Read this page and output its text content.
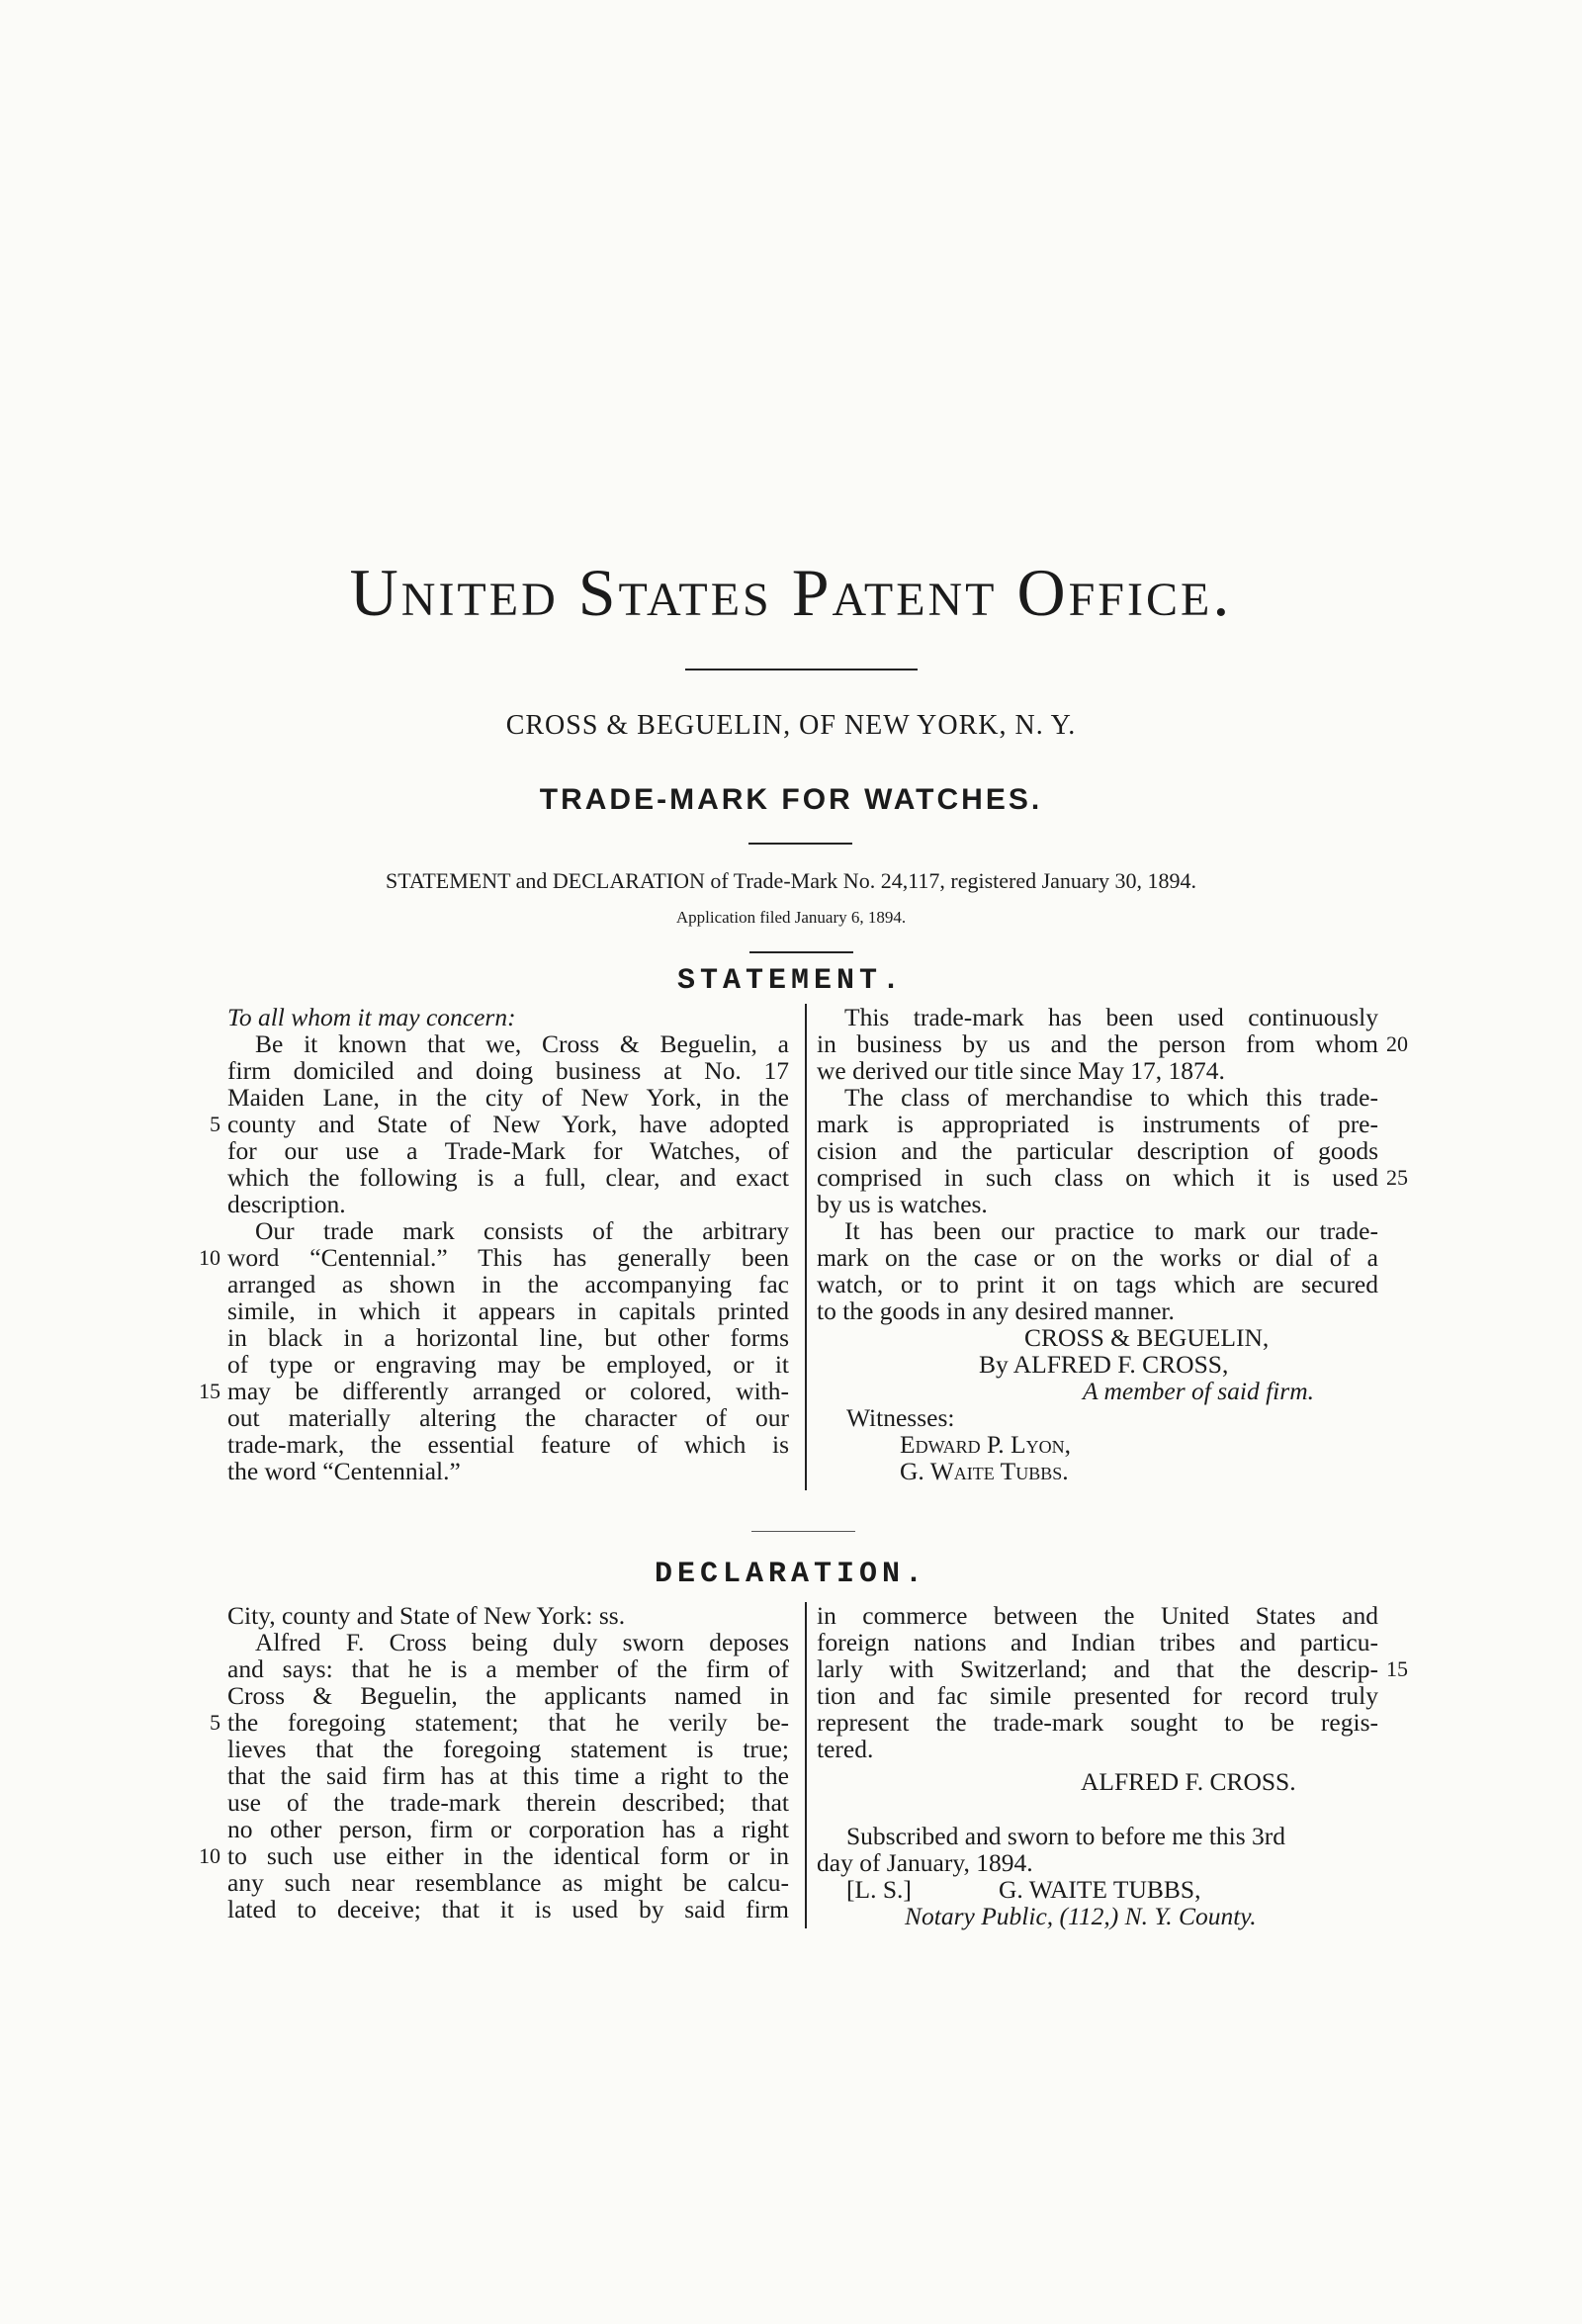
United States Patent Office.
CROSS & BEGUELIN, OF NEW YORK, N. Y.
TRADE-MARK FOR WATCHES.
STATEMENT and DECLARATION of Trade-Mark No. 24,117, registered January 30, 1894.
Application filed January 6, 1894.
STATEMENT.

To all whom it may concern:

Be it known that we, Cross & Beguelin, a

firm domiciled and doing business at No. 17

Maiden Lane, in the city of New York, in the

county and State of New York, have adopted

for our use a Trade-Mark for Watches, of

which the following is a full, clear, and exact

description.

Our trade mark consists of the arbitrary

word “Centennial.” This has generally been

arranged as shown in the accompanying fac

simile, in which it appears in capitals printed

in black in a horizontal line, but other forms

of type or engraving may be employed, or it

may be differently arranged or colored, with-

out materially altering the character of our

trade-mark, the essential feature of which is

the word “Centennial.”

This trade-mark has been used continuously

in business by us and the person from whom

we derived our title since May 17, 1874.

The class of merchandise to which this trade-

mark is appropriated is instruments of pre-

cision and the particular description of goods

comprised in such class on which it is used

by us is watches.

It has been our practice to mark our trade-

mark on the case or on the works or dial of a

watch, or to print it on tags which are secured

to the goods in any desired manner.

CROSS & BEGUELIN,
By ALFRED F. CROSS,
A member of said firm.
Witnesses:
Edward P. Lyon,
G. Waite Tubbs.
5
10
15
20
25
DECLARATION.

City, county and State of New York: ss.

Alfred F. Cross being duly sworn deposes

and says: that he is a member of the firm of

Cross & Beguelin, the applicants named in

the foregoing statement; that he verily be-

lieves that the foregoing statement is true;

that the said firm has at this time a right to the

use of the trade-mark therein described; that

no other person, firm or corporation has a right

to such use either in the identical form or in

any such near resemblance as might be calcu-

lated to deceive; that it is used by said firm

in commerce between the United States and

foreign nations and Indian tribes and particu-

larly with Switzerland; and that the descrip-

tion and fac simile presented for record truly

represent the trade-mark sought to be regis-

tered.

ALFRED F. CROSS.
Subscribed and sworn to before me this 3rd
day of January, 1894.
[L. S.]	G. WAITE TUBBS,
Notary Public, (112,) N. Y. County.
5
10
15
